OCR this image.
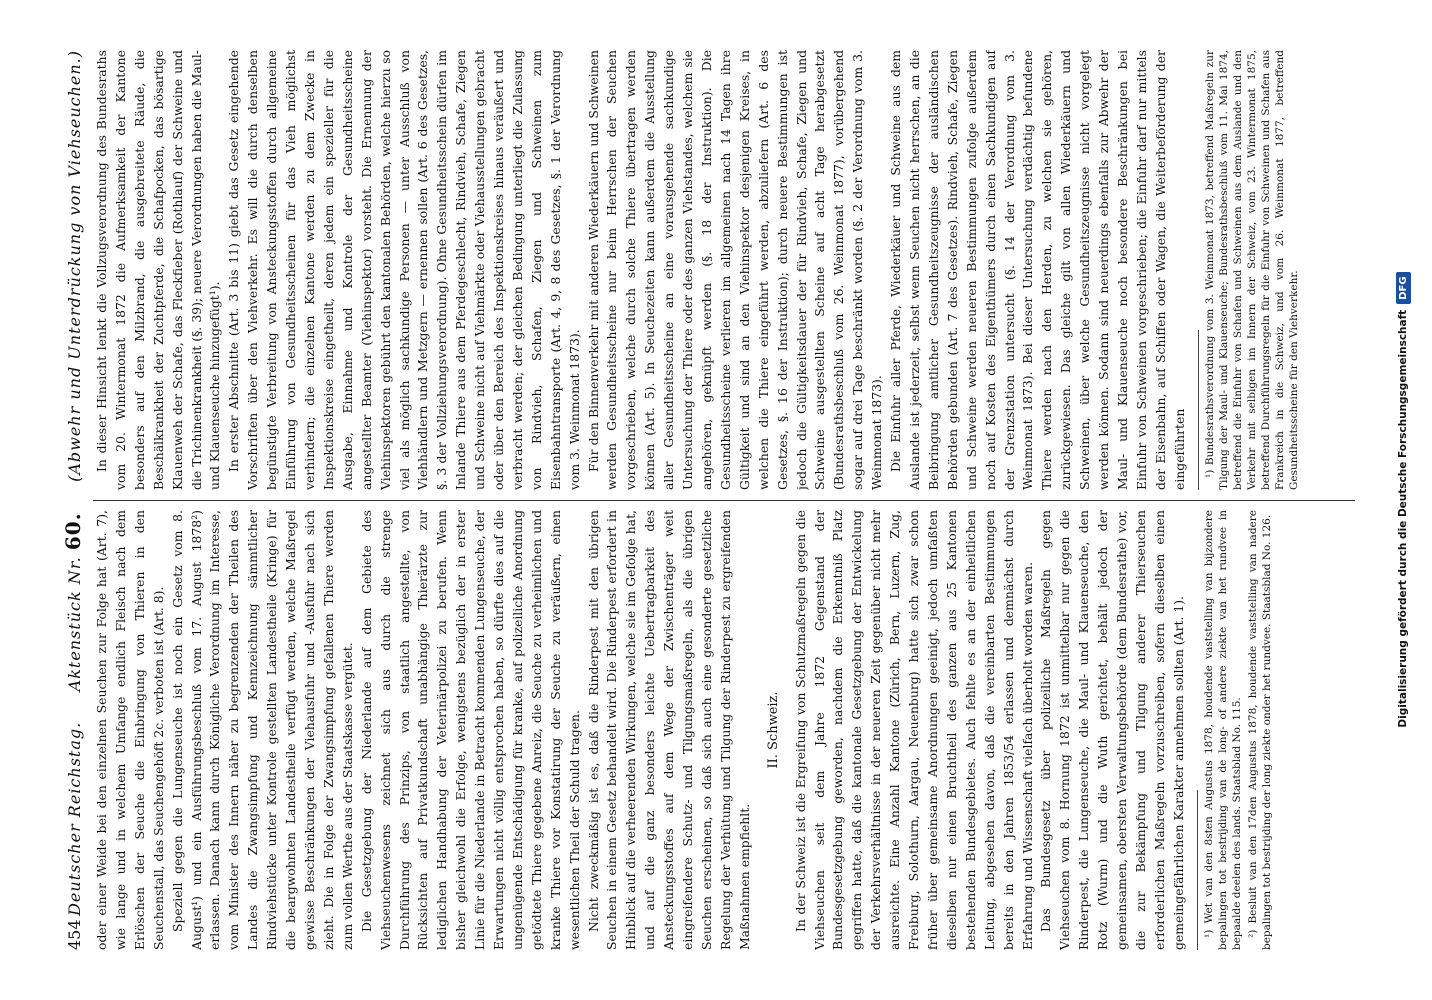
454
Deutscher Reichstag.     Aktenstück Nr. 60.     (Abwehr und Unterdrückung von Viehseuchen.)

oder einer Weide bei den einzelnen Seuchen zur Folge hat (Art. 7), wie lange und in welchem Umfange endlich Fleisch nach dem Erlöschen der Seuche die Einbringung von Thieren in den Seuchenstall, das Seuchengehöft 2c. verboten ist (Art. 8). Speziell gegen die Lungenseuche ist noch ein Gesetz vom 8. August¹) und ein Ausführungsbeschluß vom 17. August 1878²) erlassen. Danach kann durch Königliche Verordnung im Interesse, vom Minister des Innern näher zu begrenzenden der Theilen des Landes die Zwangsimpfung und Kennzeichnung sämmtlicher Rindviehstücke unter Kontrole gestellten Landestheile (Kringe) für die beargwohnten Landestheile verfügt werden, welche Maßregel gewisse Beschränkungen der Viehausfuhr und -Ausfuhr nach sich zieht. Die in Folge der Zwangsimpfung gefallenen Thiere werden zum vollen Werthe aus der Staatskasse vergütet. Die Gesetzgebung der Niederlande auf dem Gebiete des Viehseuchenwesens zeichnet sich aus durch die strenge Durchführung des Prinzips, von staatlich angestellte, von Rücksichten auf Privatkundschaft unabhängige Thierärzte zur lediglichen Handhabung der Veterinärpolizei zu berufen. Wenn bisher gleichwohl die Erfolge, wenigstens bezüglich der in erster Linie für die Niederlande in Betracht kommenden Lungenseuche, der Erwartungen nicht völlig entsprochen haben, so dürfte dies auf die ungenügende Entschädigung für kranke, auf polizeiliche Anordnung getödtete Thiere gegebene Anreiz, die Seuche zu verheimlichen und kranke Thiere vor Konstatirung der Seuche zu veräußern, einen wesentlichen Theil der Schuld tragen. Nicht zweckmäßig ist es, daß die Rinderpest mit den übrigen Seuchen in einem Gesetz behandelt wird. Die Rinderpest erfordert in Hinblick auf die verheerenden Wirkungen, welche sie im Gefolge hat, und auf die ganz besonders leichte Uebertragbarkeit des Ansteckungsstoffes auf dem Wege der Zwischenträger weit eingreifendere Schutz- und Tilgungsmaßregeln, als die übrigen Seuchen erscheinen, so daß sich auch eine gesonderte gesetzliche Regelung der Verhütung und Tilgung der Rinderpest zu ergreifenden Maßnahmen empfiehlt.

II. Schweiz. In der Schweiz ist die Ergreifung von Schutzmaßregeln gegen die Viehseuchen seit dem Jahre 1872 Gegenstand der Bundesgesetzgebung geworden, nachdem die Erkenntniß Platz gegriffen hatte, daß die kantonale Gesetzgebung der Entwickelung der Verkehrsverhältnisse in der neueren Zeit gegenüber nicht mehr ausreichte. Eine Anzahl Kantone (Zürich, Bern, Luzern, Zug, Freiburg, Solothurn, Aargau, Neuenburg) hatte sich zwar schon früher über gemeinsame Anordnungen geeinigt, jedoch umfaßten dieselben nur einen Bruchtheil des ganzen aus 25 Kantonen bestehenden Bundesgebietes. Auch fehlte es an der einheitlichen Leitung, abgesehen davon, daß die vereinbarten Bestimmungen bereits in den Jahren 1853/54 erlassen und demnächst durch Erfahrung und Wissenschaft vielfach überholt worden waren. Das Bundesgesetz über polizeiliche Maßregeln gegen Viehseuchen vom 8. Hornung 1872 ist unmittelbar nur gegen die Rinderpest, die Lungenseuche, die Maul- und Klauenseuche, den Rotz (Wurm) und die Wuth gerichtet, behält jedoch der gemeinsamen, obersten Verwaltungsbehörde (dem Bundesrathe) vor, die zur Bekämpfung und Tilgung anderer Thierseuchen erforderlichen Maßregeln vorzuschreiben, sofern dieselben einen gemeingefährlichen Karakter annehmen sollten (Art. 1). ¹) Wet van den 8sten Augustus 1878, houdende vaststelling van bijzondere bepalingen tot bestrijding van de long- of andere ziekte van het rundvee in bepaalde deelen des lands. Staatsblad No. 115. ²) Besluit van den 17den Augustus 1878, houdende vaststelling van nadere bepalingen tot bestrijding der long ziekte onder het rundvee. Staatsblad No. 126.

In dieser Hinsicht lenkt die Vollzugsverordnung des Bundesraths vom 20. Wintermonat 1872 die Aufmerksamkeit der Kantone besonders auf den Milzbrand, die ausgebreitete Räude, die Beschälkrankheit der Zuchtpferde, die Schafpocken, das bösartige Klauenweh der Schafe, das Fleckfieber (Rothlauf) der Schweine und die Trichinenkrankheit (§. 39); neuere Verordnungen haben die Maul- und Klauenseuche hinzugefügt¹). In erster Abschnitte (Art. 3 bis 11) giebt das Gesetz eingehende Vorschriften über den Viehverkehr. Es will die durch denselben begünstigte Verbreitung von Ansteckungsstoffen durch allgemeine Einführung von Gesundheitsscheinen für das Vieh möglichst verhindern; die einzelnen Kantone werden zu dem Zwecke in Inspektionskreise eingetheilt, deren jedem ein spezieller für die Ausgabe, Einnahme und Kontrole der Gesundheitsscheine angestellter Beamter (Viehinspektor) vorsteht. Die Ernennung der Viehinspektoren gebührt den kantonalen Behörden, welche hierzu so viel als möglich sachkundige Personen — unter Ausschluß von Viehhändlern und Metzgern — ernennen sollen (Art. 6 des Gesetzes, §. 3 der Vollziehungsverordnung). Ohne Gesundheitsschein dürfen im Inlande Thiere aus dem Pferdegeschlecht, Rindvieh, Schafe, Ziegen und Schweine nicht auf Viehmärkte oder Viehausstellungen gebracht oder über den Bereich des Inspektionskreises hinaus veräußert und verbracht werden; der gleichen Bedingung unterliegt die Zulassung von Rindvieh, Schafen, Ziegen und Schweinen zum Eisenbahntransporte (Art. 4, 9, 8 des Gesetzes, §. 1 der Verordnung vom 3. Weinmonat 1873). Für den Binnenverkehr mit anderen Wiederkäuern und Schweinen werden Gesundheitsscheine nur beim Herrschen der Seuchen vorgeschrieben, welche durch solche Thiere übertragen werden können (Art. 5). In Seuchezeiten kann außerdem die Ausstellung aller Gesundheitsscheine an eine vorausgehende sachkundige Untersuchung der Thiere oder des ganzen Viehstandes, welchem sie angehören, geknüpft werden (§. 18 der Instruktion). Die Gesundheitsscheine verlieren im allgemeinen nach 14 Tagen ihre Gültigkeit und sind an den Viehinspektor desjenigen Kreises, in welchen die Thiere eingeführt werden, abzuliefern (Art. 6 des Gesetzes, §. 16 der Instruktion); durch neuere Bestimmungen ist jedoch die Gültigkeitsdauer der für Rindvieh, Schafe, Ziegen und Schweine ausgestellten Scheine auf acht Tage herabgesetzt (Bundesrathsbeschluß vom 26. Weinmonat 1877), vorübergehend sogar auf drei Tage beschränkt worden (§. 2 der Verordnung vom 3. Weinmonat 1873). Die Einfuhr aller Pferde, Wiederkäuer und Schweine aus dem Auslande ist jederzeit, selbst wenn Seuchen nicht herrschen, an die Beibringung amtlicher Gesundheitszeugnisse der ausländischen Behörden gebunden (Art. 7 des Gesetzes). Rindvieh, Schafe, Ziegen und Schweine werden neueren Bestimmungen zufolge außerdem noch auf Kosten des Eigenthümers durch einen Sachkundigen auf der Grenzstation untersucht (§. 14 der Verordnung vom 3. Weinmonat 1873). Bei dieser Untersuchung verdächtig befundene Thiere werden nach den Herden, zu welchen sie gehören, zurückgewiesen. Das gleiche gilt von allen Wiederkäuern und Schweinen, über welche Gesundheitszeugnisse nicht vorgelegt werden können. Sodann sind neuerdings ebenfalls zur Abwehr der Maul- und Klauenseuche noch besondere Beschränkungen bei Einfuhr von Schweinen vorgeschrieben; die Einfuhr darf nur mittels der Eisenbahn, auf Schiffen oder Wagen, die Weiterbeförderung der eingeführten ¹) Bundesrathsverordnung vom 3. Weinmonat 1873, betreffend Maßregeln zur Tilgung der Maul- und Klauenseuche; Bundesrathsbeschluß vom 11. Mai 1874, betreffend die Einfuhr von Schafen und Schweinen aus dem Auslande und den Verkehr mit selbigen im Innern der Schweiz, vom 23. Wintermonat 1875, betreffend Durchführungsregeln für die Einfuhr von Schweinen und Schafen aus Frankreich in die Schweiz, und vom 26. Weinmonat 1877, betreffend Gesundheitsscheine für den Viehverkehr.	Digitalisierung gefördert durch die Deutsche Forschungsgemeinschaft
DFG
